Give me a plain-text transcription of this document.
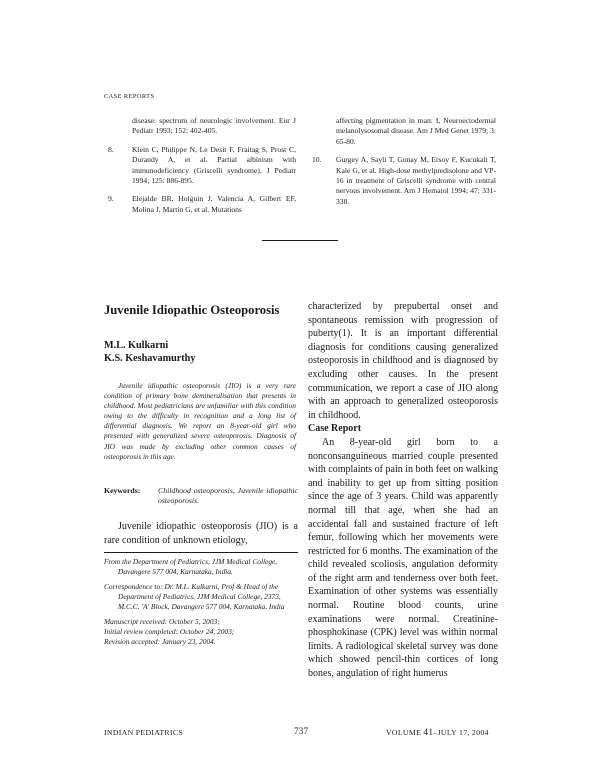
CASE REPORTS
disease: spectrum of neurologic involvement. Eur J Pediatr 1993; 152: 402-405.
8. Klein C, Philippe N, Le Desit F, Fraitag S, Prost C, Durandy A, et al. Partial albinism with immunodeficiency (Griscelli syndrome). J Pediatr 1994; 125: 886-895.
9. Elejalde BR, Holguin J, Valencia A, Gilbert EF, Molina J, Martin G, et al. Mutations
affecting pigmentation in man: I, Neuroectodermal melanolysosomal disease. Am J Med Genet 1979; 3: 65-80.
10. Gurgey A, Sayli T, Gunay M, Ersoy F, Kucukali T, Kale G, et al. High-dose methylpredisolone and VP-16 in treatment of Griscelli syndrome with central nervous involvement. Am J Hematol 1994; 47: 331-338.
Juvenile Idiopathic Osteoporosis
M.L. Kulkarni
K.S. Keshavamurthy

Juvenile idiopathic osteoporosis (JIO) is a very rare condition of primary bone demineralisation that presents in childhood. Most pediatricians are unfamiliar with this condition owing to the difficulty in recognition and a long list of differential diagnosis. We report an 8-year-old girl who presented with generalized severe osteoporosis. Diagnosis of JIO was made by excluding other common causes of osteoporosis in this age.

Keywords:	Childhood osteoporosis, Juvenile idiopathic osteoporosis.

Juvenile idiopathic osteoporosis (JIO) is a rare condition of unknown etiology,

From the Department of Pediatrics, JJM Medical College, Davangere 577 004, Karnataka, India.

Correspondence to: Dr. M.L. Kulkarni, Prof & Head of the Department of Pediatrics, JJM Medical College, 2373, M.C.C. 'A' Block, Davangere 577 004, Karnataka, India

Manuscript received: October 5, 2003;

Initial review completed: October 24, 2003;

Revision accepted: January 23, 2004.

characterized by prepubertal onset and spontaneous remission with progression of puberty(1). It is an important differential diagnosis for conditions causing generalized osteoporosis in childhood and is diagnosed by excluding other causes. In the present communication, we report a case of JIO along with an approach to generalized osteoporosis in childhood.

Case Report

An 8-year-old girl born to a nonconsanguineous married couple presented with complaints of pain in both feet on walking and inability to get up from sitting position since the age of 3 years. Child was apparently normal till that age, when she had an accidental fall and sustained fracture of left femur, following which her movements were restricted for 6 months. The examination of the child revealed scoliosis, angulation deformity of the right arm and tenderness over both feet. Examination of other systems was essentially normal. Routine blood counts, urine examinations were normal. Creatinine-phosphokinase (CPK) level was within normal limits. A radiological skeletal survey was done which showed pencil-thin cortices of long bones, angulation of right humerus

INDIAN PEDIATRICS	737	VOLUME 41–JULY 17, 2004
